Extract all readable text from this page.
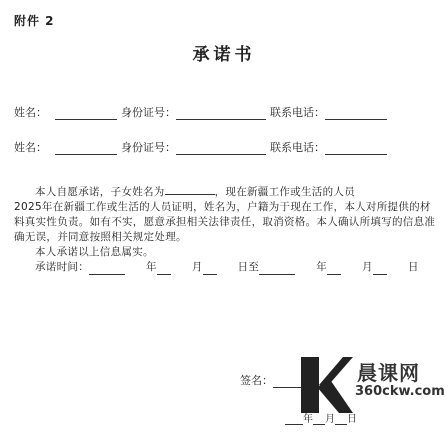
附件 2
承诺书
姓名：	身份证号：	联系电话：
姓名：	身份证号：	联系电话：

本人自愿承诺，子女姓名为	，现在新疆工作或生活的人员

2025年在新疆工作或生活的人员证明，姓名为，户籍为于现在工作，本人对所提供的材料真实性负责。如有不实，愿意承担相关法律责任，取消资格。本人确认所填写的信息准确无误，并同意按照相关规定处理。

本人承诺以上信息属实。

承诺时间：	年	月	日至	年	月	日

签名：
年 月 日
晨课网
360ckw.com
